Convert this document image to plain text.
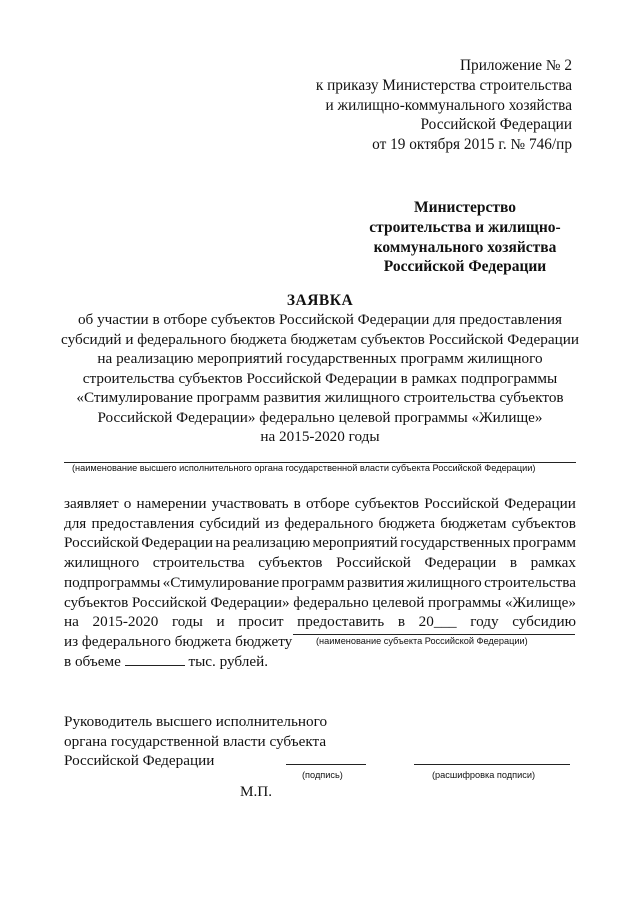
Приложение № 2
к приказу Министерства строительства
и жилищно-коммунального хозяйства
Российской Федерации
от 19 октября 2015 г. № 746/пр
Министерство
строительства и жилищно-
коммунального хозяйства
Российской Федерации
ЗАЯВКА
об участии в отборе субъектов Российской Федерации для предоставления
субсидий и федерального бюджета бюджетам субъектов Российской Федерации
на реализацию мероприятий государственных программ жилищного
строительства субъектов Российской Федерации в рамках подпрограммы
«Стимулирование программ развития жилищного строительства субъектов
Российской Федерации» федерально целевой программы «Жилище»
на 2015-2020 годы
(наименование высшего исполнительного органа государственной власти субъекта Российской Федерации)
заявляет о намерении участвовать в отборе субъектов Российской Федерации
для предоставления субсидий из федерального бюджета бюджетам субъектов
Российской Федерации на реализацию мероприятий государственных программ
жилищного строительства субъектов Российской Федерации в рамках
подпрограммы «Стимулирование программ развития жилищного строительства
субъектов Российской Федерации» федерально целевой программы «Жилище»
на 2015-2020 годы и просит предоставить в 20___ году субсидию
из федерального бюджета бюджету	(наименование субъекта Российской Федерации)
в объеме	тыс. рублей.
Руководитель высшего исполнительного
органа государственной власти субъекта
Российской Федерации
(подпись)	(расшифровка подписи)
М.П.
